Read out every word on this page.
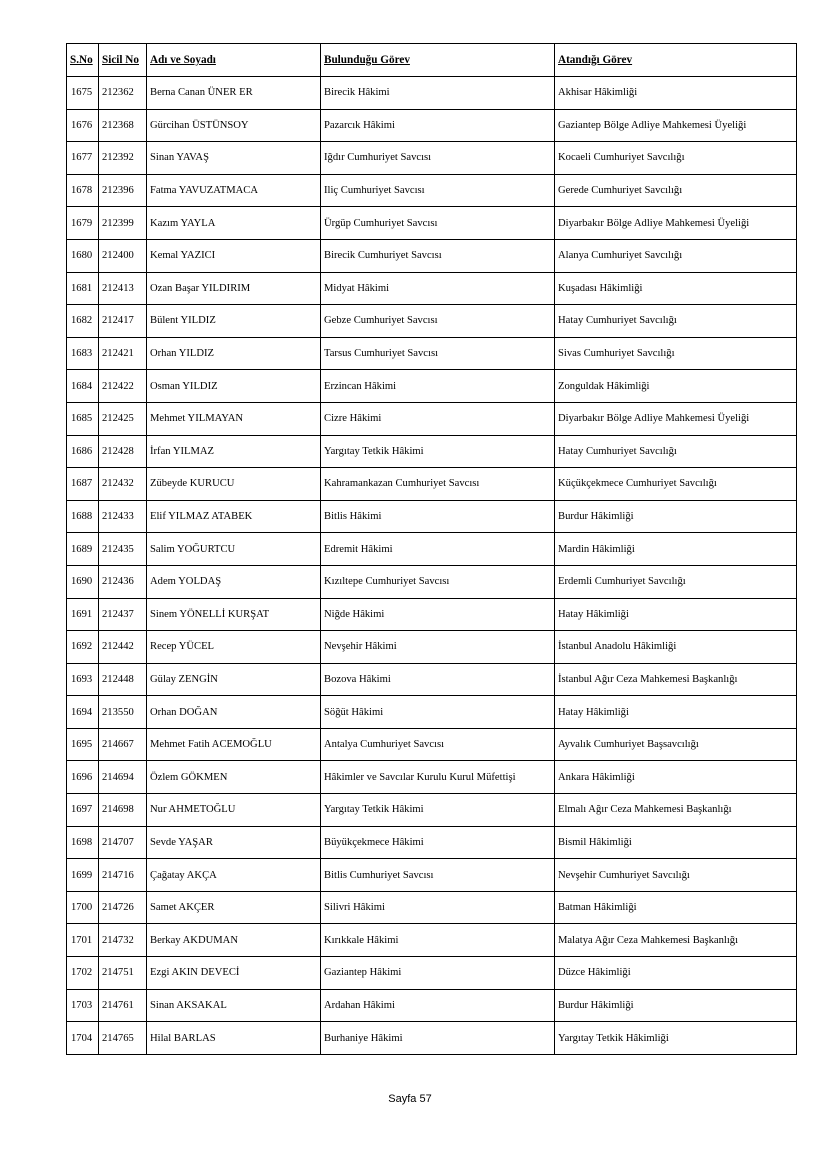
S.No	Sicil No	Adı ve Soyadı	Bulunduğu Görev	Atandığı Görev
1675	212362	Berna Canan ÜNER ER	Birecik Hâkimi	Akhisar Hâkimliği
1676	212368	Gürcihan ÜSTÜNSOY	Pazarcık Hâkimi	Gaziantep Bölge Adliye Mahkemesi Üyeliği
1677	212392	Sinan YAVAŞ	Iğdır Cumhuriyet Savcısı	Kocaeli Cumhuriyet Savcılığı
1678	212396	Fatma YAVUZATMACA	Iliç Cumhuriyet Savcısı	Gerede Cumhuriyet Savcılığı
1679	212399	Kazım YAYLA	Ürgüp Cumhuriyet Savcısı	Diyarbakır Bölge Adliye Mahkemesi Üyeliği
1680	212400	Kemal YAZICI	Birecik Cumhuriyet Savcısı	Alanya Cumhuriyet Savcılığı
1681	212413	Ozan Başar YILDIRIM	Midyat Hâkimi	Kuşadası Hâkimliği
1682	212417	Bülent YILDIZ	Gebze Cumhuriyet Savcısı	Hatay Cumhuriyet Savcılığı
1683	212421	Orhan YILDIZ	Tarsus Cumhuriyet Savcısı	Sivas Cumhuriyet Savcılığı
1684	212422	Osman YILDIZ	Erzincan Hâkimi	Zonguldak Hâkimliği
1685	212425	Mehmet YILMAYAN	Cizre Hâkimi	Diyarbakır Bölge Adliye Mahkemesi Üyeliği
1686	212428	İrfan YILMAZ	Yargıtay Tetkik Hâkimi	Hatay Cumhuriyet Savcılığı
1687	212432	Zübeyde KURUCU	Kahramankazan Cumhuriyet Savcısı	Küçükçekmece Cumhuriyet Savcılığı
1688	212433	Elif YILMAZ ATABEK	Bitlis Hâkimi	Burdur Hâkimliği
1689	212435	Salim YOĞURTCU	Edremit Hâkimi	Mardin Hâkimliği
1690	212436	Adem YOLDAŞ	Kızıltepe Cumhuriyet Savcısı	Erdemli Cumhuriyet Savcılığı
1691	212437	Sinem YÖNELLİ KURŞAT	Niğde Hâkimi	Hatay Hâkimliği
1692	212442	Recep YÜCEL	Nevşehir Hâkimi	İstanbul Anadolu Hâkimliği
1693	212448	Gülay ZENGİN	Bozova Hâkimi	İstanbul Ağır Ceza Mahkemesi Başkanlığı
1694	213550	Orhan DOĞAN	Söğüt Hâkimi	Hatay Hâkimliği
1695	214667	Mehmet Fatih ACEMOĞLU	Antalya Cumhuriyet Savcısı	Ayvalık Cumhuriyet Başsavcılığı
1696	214694	Özlem GÖKMEN	Hâkimler ve Savcılar Kurulu Kurul Müfettişi	Ankara Hâkimliği
1697	214698	Nur AHMETOĞLU	Yargıtay Tetkik Hâkimi	Elmalı Ağır Ceza Mahkemesi Başkanlığı
1698	214707	Sevde YAŞAR	Büyükçekmece Hâkimi	Bismil Hâkimliği
1699	214716	Çağatay AKÇA	Bitlis Cumhuriyet Savcısı	Nevşehir Cumhuriyet Savcılığı
1700	214726	Samet AKÇER	Silivri Hâkimi	Batman Hâkimliği
1701	214732	Berkay AKDUMAN	Kırıkkale Hâkimi	Malatya Ağır Ceza Mahkemesi Başkanlığı
1702	214751	Ezgi AKIN DEVECİ	Gaziantep Hâkimi	Düzce Hâkimliği
1703	214761	Sinan AKSAKAL	Ardahan Hâkimi	Burdur Hâkimliği
1704	214765	Hilal BARLAS	Burhaniye Hâkimi	Yargıtay Tetkik Hâkimliği
Sayfa 57
